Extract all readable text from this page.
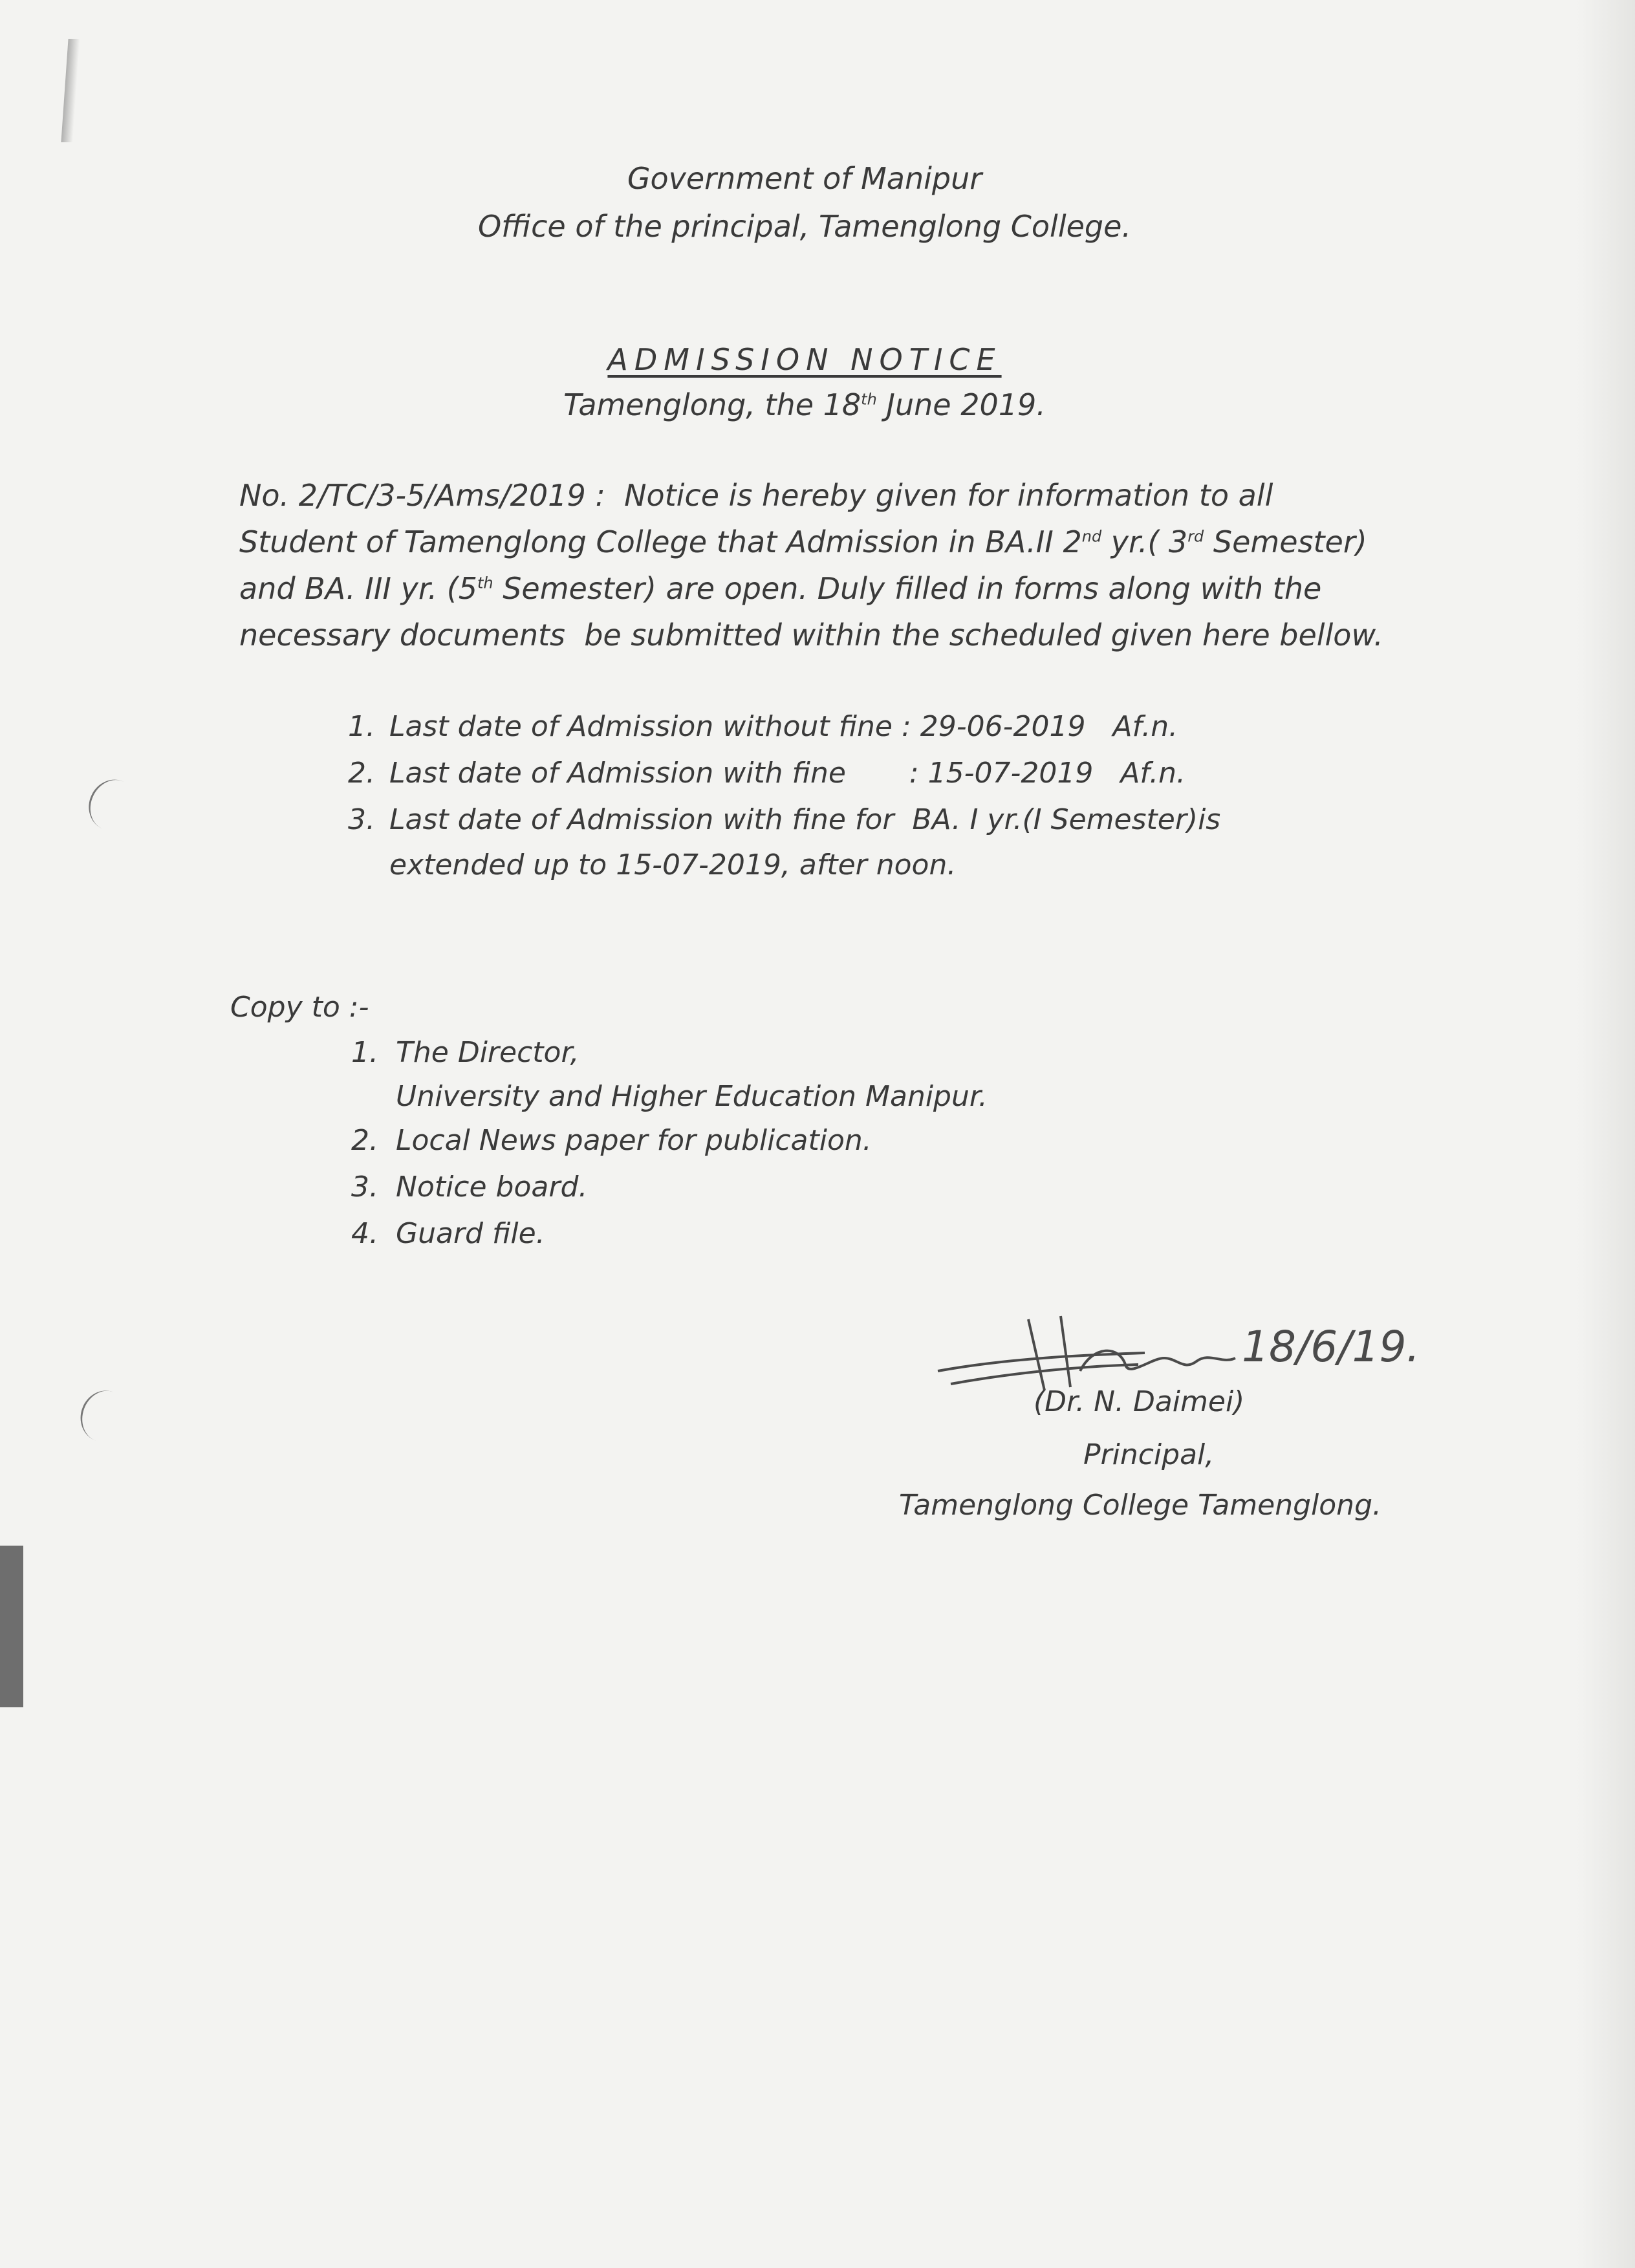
Government of Manipur
Office of the principal, Tamenglong College.
ADMISSION NOTICE
Tamenglong, the 18th June 2019.
No. 2/TC/3-5/Ams/2019 :  Notice is hereby given for information to all
Student of Tamenglong College that Admission in BA.II 2nd yr.( 3rd Semester)
and BA. III yr. (5th Semester) are open. Duly filled in forms along with the
necessary documents  be submitted within the scheduled given here bellow.
1. Last date of Admission without fine : 29-06-2019   Af.n.
2. Last date of Admission with fine       : 15-07-2019   Af.n.
3. Last date of Admission with fine for  BA. I yr.(I Semester)is
extended up to 15-07-2019, after noon.
Copy to :-
1. The Director,
University and Higher Education Manipur.
2. Local News paper for publication.
3. Notice board.
4. Guard file.
18/6/19.
(Dr. N. Daimei)
Principal,
Tamenglong College Tamenglong.
